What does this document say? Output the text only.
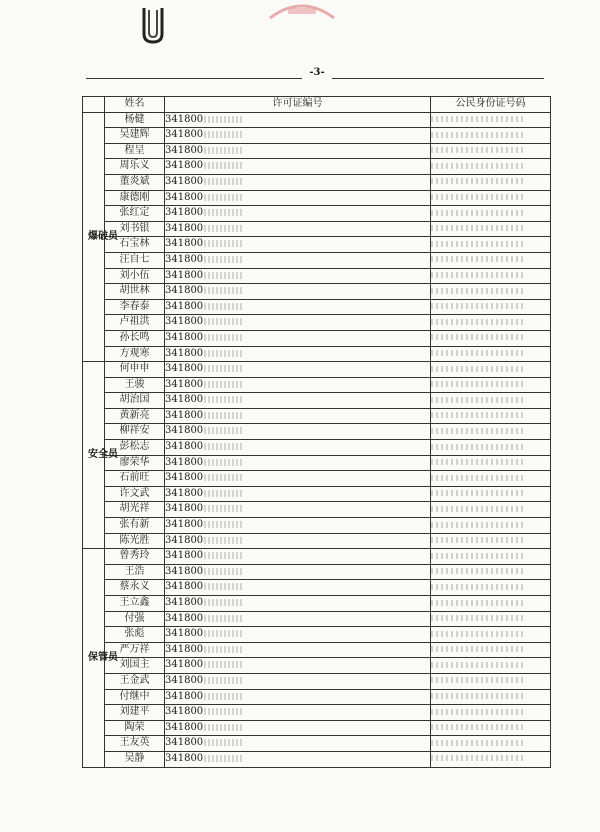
-3-
	姓名	许可证编号	公民身份证号码
爆破员	杨健	341800	
	吴建辉	341800	
	程呈	341800	
	周乐义	341800	
	董炎斌	341800	
	康德刚	341800	
	张红定	341800	
	刘书银	341800	
	石宝林	341800	
	汪自七	341800	
	刘小伍	341800	
	胡世林	341800	
	李春泰	341800	
	卢祖洪	341800	
	孙长鸣	341800	
	方观寒	341800	
安全员	何申申	341800	
	王骏	341800	
	胡治国	341800	
	黄新亮	341800	
	柳祥安	341800	
	彭松志	341800	
	廖荣华	341800	
	石前旺	341800	
	许文武	341800	
	胡光祥	341800	
	张有新	341800	
	陈光胜	341800	
保管员	曾秀玲	341800	
	王浩	341800	
	蔡永义	341800	
	王立鑫	341800	
	付强	341800	
	张彪	341800	
	严万祥	341800	
	刘国主	341800	
	王金武	341800	
	付继中	341800	
	刘建平	341800	
	陶荣	341800	
	王友英	341800	
	吴静	341800	
